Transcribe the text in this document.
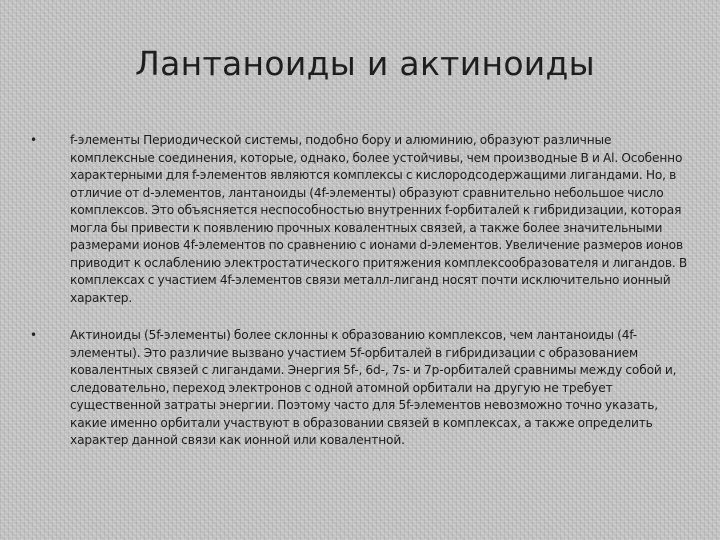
Лантаноиды и актиноиды
•	f-элементы Периодической системы, подобно бору и алюминию, образуют различные комплексные соединения, которые, однако, более устойчивы, чем производные B и Al. Особенно характерными для f-элементов являются комплексы с кислородсодержащими лигандами. Но, в отличие от d-элементов, лантаноиды (4f-элементы) образуют сравнительно небольшое число комплексов. Это объясняется неспособностью внутренних f-орбиталей к гибридизации, которая могла бы привести к появлению прочных ковалентных связей, а также более значительными размерами ионов 4f-элементов по сравнению с ионами d-элементов. Увеличение размеров ионов приводит к ослаблению электростатического притяжения комплексообразователя и лигандов. В комплексах с участием 4f-элементов связи металл-лиганд носят почти исключительно ионный характер.
•	Актиноиды (5f-элементы) более склонны к образованию комплексов, чем лантаноиды (4f-элементы). Это различие вызвано участием 5f-орбиталей в гибридизации с образованием ковалентных связей с лигандами. Энергия 5f-, 6d-, 7s- и 7p-орбиталей сравнимы между собой и, следовательно, переход электронов с одной атомной орбитали на другую не требует существенной затраты энергии. Поэтому часто для 5f-элементов невозможно точно указать, какие именно орбитали участвуют в образовании связей в комплексах, а также определить характер данной связи как ионной или ковалентной.
